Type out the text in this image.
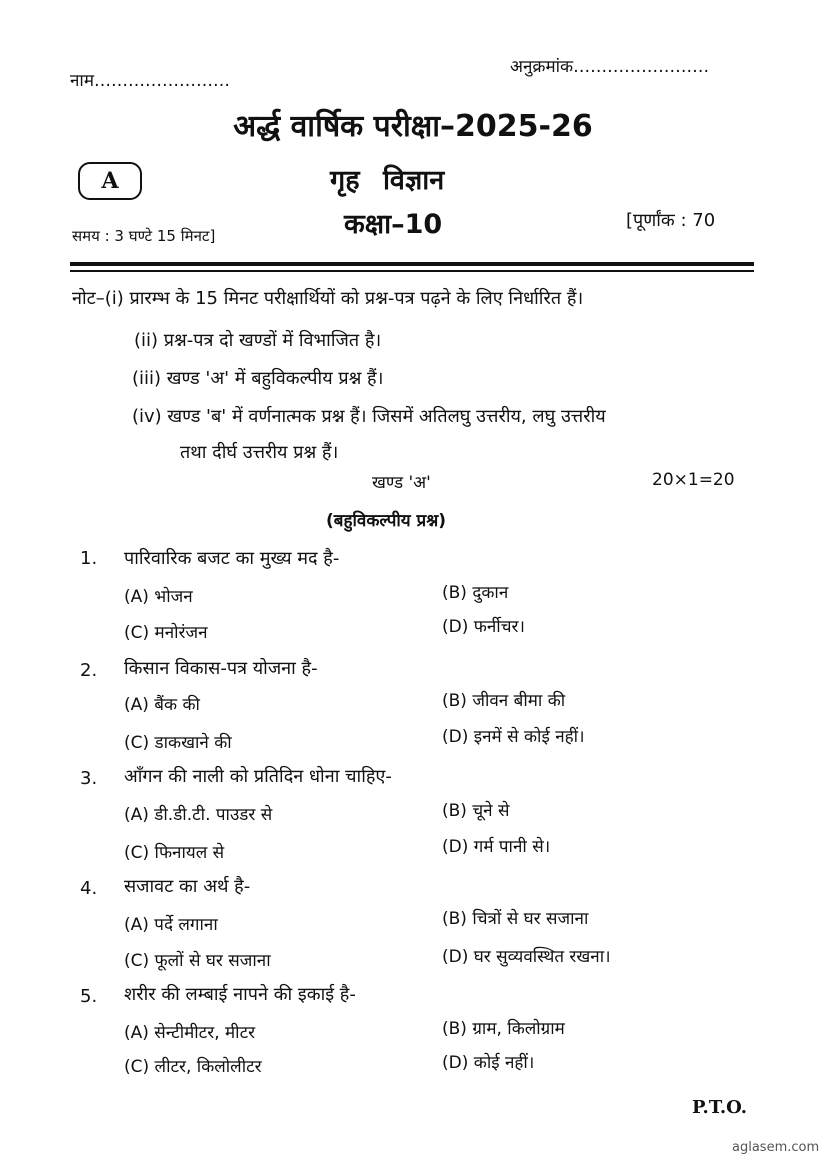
नाम……………………
अनुक्रमांक……………………
अर्द्ध वार्षिक परीक्षा–2025-26
A	गृह विज्ञान
कक्षा–10
समय : 3 घण्टे 15 मिनट]
[पूर्णांक : 70
नोट–(i) प्रारम्भ के 15 मिनट परीक्षार्थियों को प्रश्न-पत्र पढ़ने के लिए निर्धारित हैं।
(ii) प्रश्न-पत्र दो खण्डों में विभाजित है।
(iii) खण्ड 'अ' में बहुविकल्पीय प्रश्न हैं।
(iv) खण्ड 'ब' में वर्णनात्मक प्रश्न हैं। जिसमें अतिलघु उत्तरीय, लघु उत्तरीय
तथा दीर्घ उत्तरीय प्रश्न हैं।
खण्ड 'अ'	20×1=20
(बहुविकल्पीय प्रश्न)
1. पारिवारिक बजट का मुख्य मद है-
(A) भोजन	(B) दुकान
(C) मनोरंजन	(D) फर्नीचर।
2. किसान विकास-पत्र योजना है-
(A) बैंक की	(B) जीवन बीमा की
(C) डाकखाने की	(D) इनमें से कोई नहीं।
3. आँगन की नाली को प्रतिदिन धोना चाहिए-
(A) डी.डी.टी. पाउडर से	(B) चूने से
(C) फिनायल से	(D) गर्म पानी से।
4. सजावट का अर्थ है-
(A) पर्दे लगाना	(B) चित्रों से घर सजाना
(C) फूलों से घर सजाना	(D) घर सुव्यवस्थित रखना।
5. शरीर की लम्बाई नापने की इकाई है-
(A) सेन्टीमीटर, मीटर	(B) ग्राम, किलोग्राम
(C) लीटर, किलोलीटर	(D) कोई नहीं।
P.T.O.
aglasem.com
